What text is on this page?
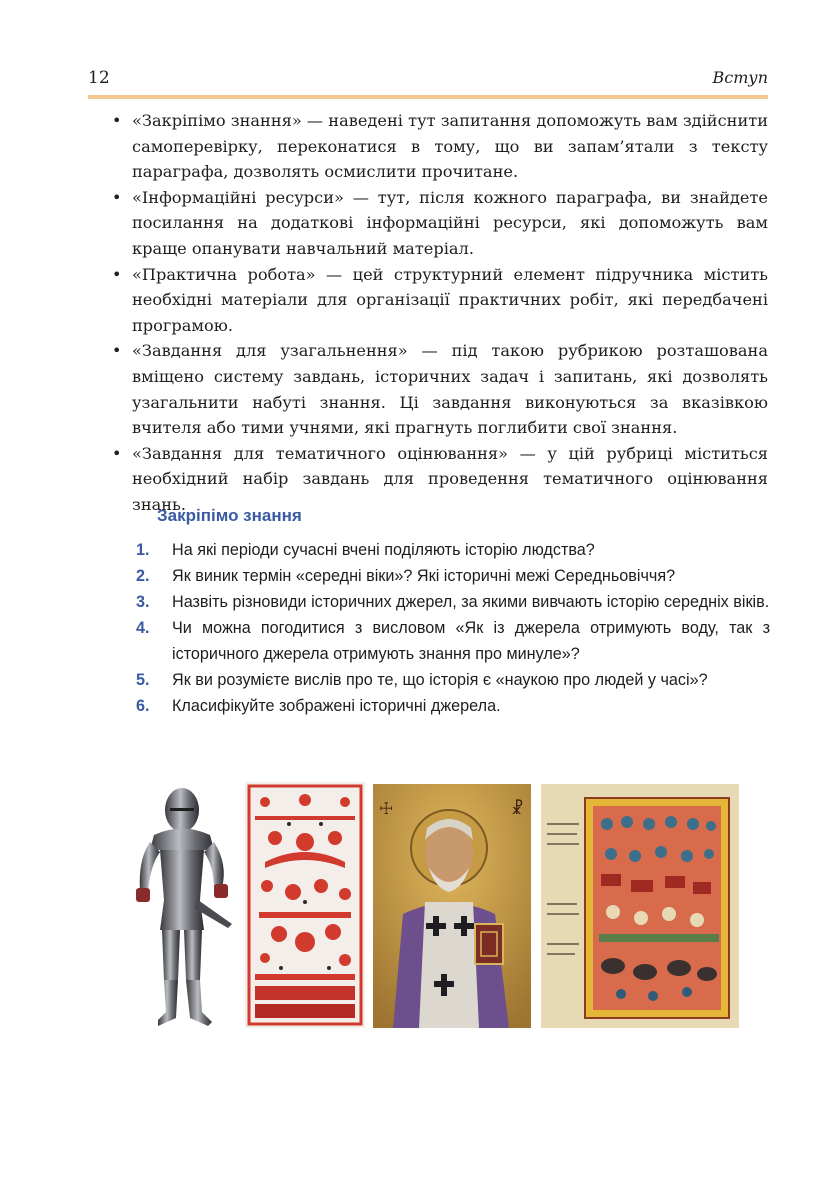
12	Вступ
• «Закріпімо знання» — наведені тут запитання допоможуть вам здійснити самоперевірку, переконатися в тому, що ви запам’ятали з тексту параграфа, дозволять осмислити прочитане.
• «Інформаційні ресурси» — тут, після кожного параграфа, ви знайдете посилання на додаткові інформаційні ресурси, які допоможуть вам краще опанувати навчальний матеріал.
• «Практична робота» — цей структурний елемент підручника містить необхідні матеріали для організації практичних робіт, які передбачені програмою.
• «Завдання для узагальнення» — під такою рубрикою розташована вміщено систему завдань, історичних задач і запитань, які дозволять узагальнити набуті знання. Ці завдання виконуються за вказівкою вчителя або тими учнями, які прагнуть поглибити свої знання.
• «Завдання для тематичного оцінювання» — у цій рубриці міститься необхідний набір завдань для проведення тематичного оцінювання знань.
Закріпімо знання
1. На які періоди сучасні вчені поділяють історію людства?
2. Як виник термін «середні віки»? Які історичні межі Середньовіччя?
3. Назвіть різновиди історичних джерел, за якими вивчають історію середніх віків.
4. Чи можна погодитися з висловом «Як із джерела отримують воду, так з історичного джерела отримують знання про минуле»?
5. Як ви розумієте вислів про те, що історія є «наукою про людей у часі»?
6. Класифікуйте зображені історичні джерела.
☩	☧
